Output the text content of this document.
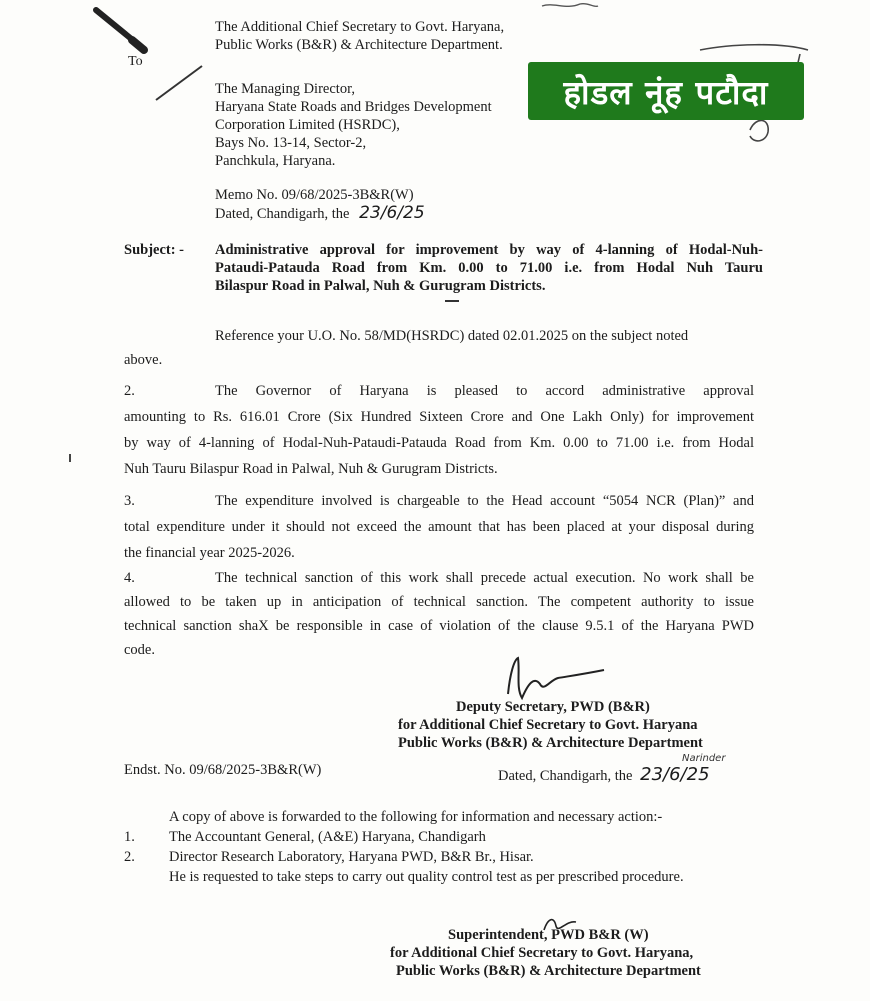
होडल नूंह पटौदा
To
The Additional Chief Secretary to Govt. Haryana,
Public Works (B&R) & Architecture Department.
The Managing Director,
Haryana State Roads and Bridges Development
Corporation Limited (HSRDC),
Bays No. 13-14, Sector-2,
Panchkula, Haryana.
Memo No. 09/68/2025-3B&R(W)
Dated, Chandigarh, the 23/6/25
Subject: - Administrative approval for improvement by way of 4-lanning of Hodal-Nuh-
Pataudi-Patauda Road from Km. 0.00 to 71.00 i.e. from Hodal Nuh Tauru
Bilaspur Road in Palwal, Nuh & Gurugram Districts.
Reference your U.O. No. 58/MD(HSRDC) dated 02.01.2025 on the subject noted
above.
2.	The Governor of Haryana is pleased to accord administrative approval
amounting to Rs. 616.01 Crore (Six Hundred Sixteen Crore and One Lakh Only) for improvement
by way of 4-lanning of Hodal-Nuh-Pataudi-Patauda Road from Km. 0.00 to 71.00 i.e. from Hodal
Nuh Tauru Bilaspur Road in Palwal, Nuh & Gurugram Districts.
3.	The expenditure involved is chargeable to the Head account “5054 NCR (Plan)” and
total expenditure under it should not exceed the amount that has been placed at your disposal during
the financial year 2025-2026.
4.	The technical sanction of this work shall precede actual execution. No work shall be
allowed to be taken up in anticipation of technical sanction. The competent authority to issue
technical sanction shaX be responsible in case of violation of the clause 9.5.1 of the Haryana PWD
code.
Deputy Secretary, PWD (B&R)
for Additional Chief Secretary to Govt. Haryana
Public Works (B&R) & Architecture Department
Narinder
Endst. No. 09/68/2025-3B&R(W)	Dated, Chandigarh, the 23/6/25
A copy of above is forwarded to the following for information and necessary action:-
1. The Accountant General, (A&E) Haryana, Chandigarh
2. Director Research Laboratory, Haryana PWD, B&R Br., Hisar.
He is requested to take steps to carry out quality control test as per prescribed procedure.
Superintendent, PWD B&R (W)
for Additional Chief Secretary to Govt. Haryana,
Public Works (B&R) & Architecture Department
